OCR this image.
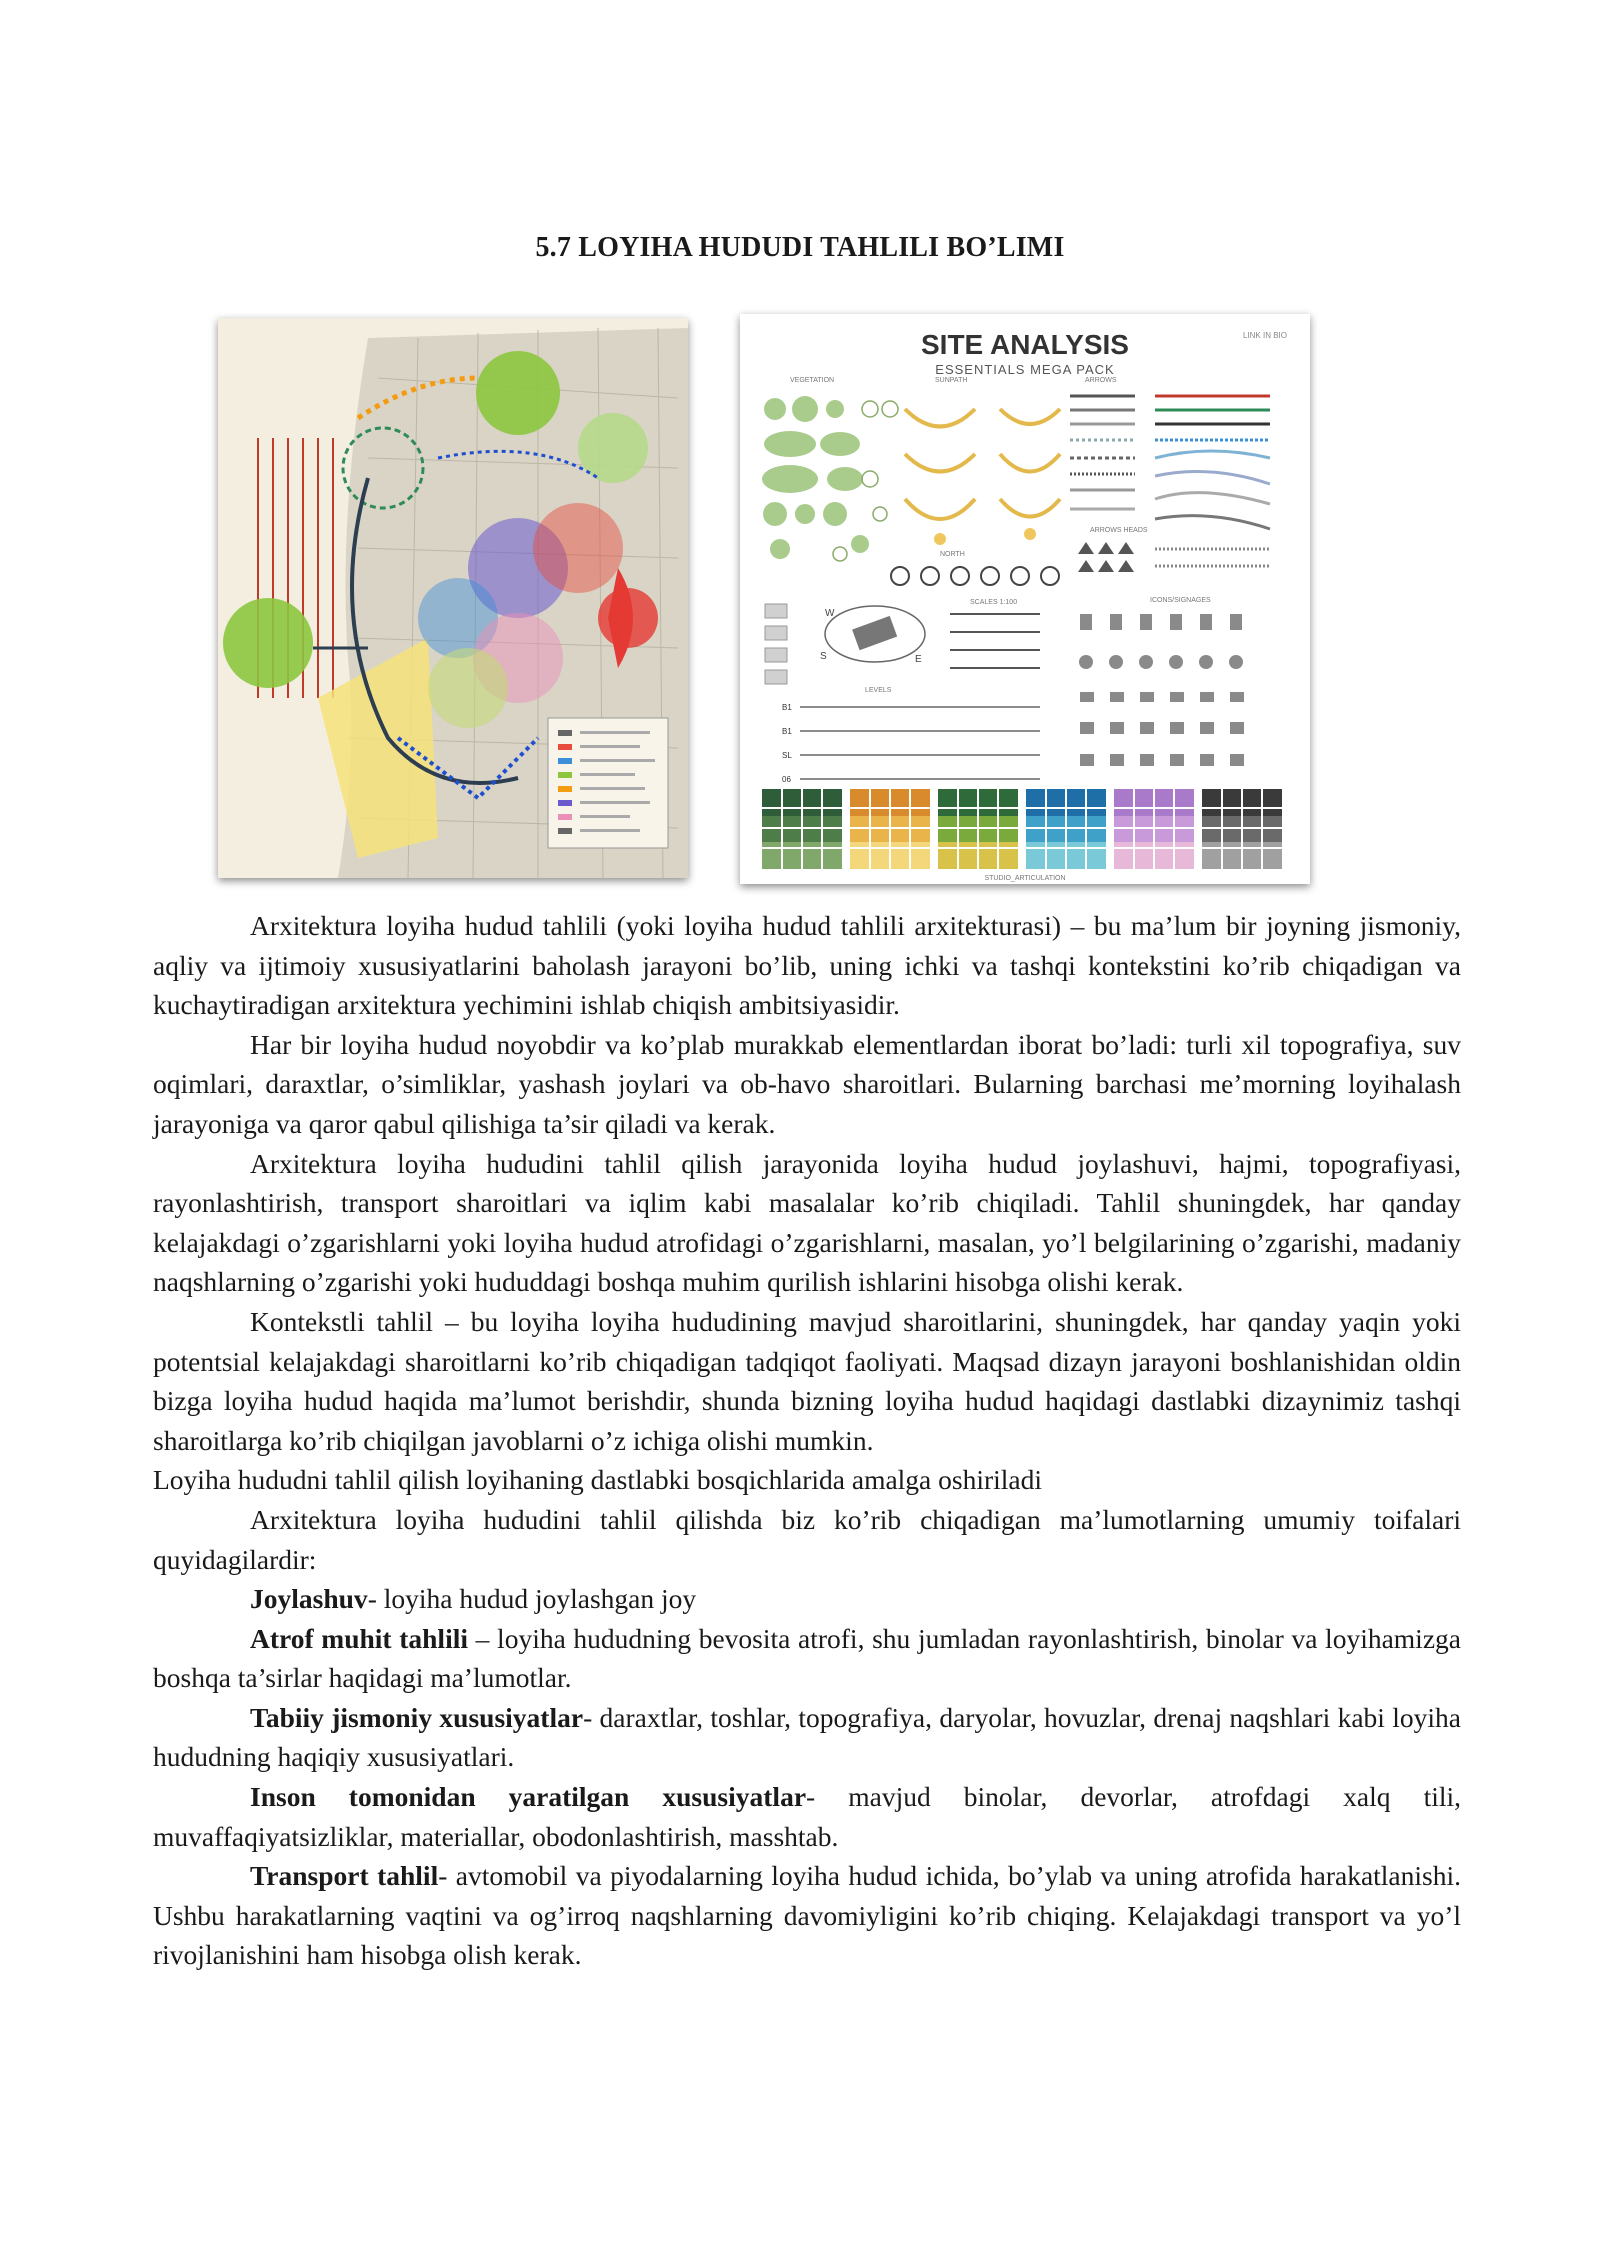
5.7 LOYIHA HUDUDI TAHLILI BO’LIMI
SITE ANALYSIS
ESSENTIALS MEGA PACK
LINK IN BIO
VEGETATION	SUNPATH	ARROWS
ARROWS HEADS
NORTH
W
S	E
SCALES 1:100
LEVELS
B1
B1
SL
06
ICONS/SIGNAGES
STUDIO_ARTICULATION

Arxitektura loyiha hudud tahlili (yoki loyiha hudud tahlili arxitekturasi) – bu ma’lum bir joyning jismoniy, aqliy va ijtimoiy xususiyatlarini baholash jarayoni bo’lib, uning ichki va tashqi kontekstini ko’rib chiqadigan va kuchaytiradigan arxitektura yechimini ishlab chiqish ambitsiyasidir.

Har bir loyiha hudud noyobdir va ko’plab murakkab elementlardan iborat bo’ladi: turli xil topografiya, suv oqimlari, daraxtlar, o’simliklar, yashash joylari va ob-havo sharoitlari. Bularning barchasi me’morning loyihalash jarayoniga va qaror qabul qilishiga ta’sir qiladi va kerak.

Arxitektura loyiha hududini tahlil qilish jarayonida loyiha hudud joylashuvi, hajmi, topografiyasi, rayonlashtirish, transport sharoitlari va iqlim kabi masalalar ko’rib chiqiladi. Tahlil shuningdek, har qanday kelajakdagi o’zgarishlarni yoki loyiha hudud atrofidagi o’zgarishlarni, masalan, yo’l belgilarining o’zgarishi, madaniy naqshlarning o’zgarishi yoki hududdagi boshqa muhim qurilish ishlarini hisobga olishi kerak.

Kontekstli tahlil – bu loyiha loyiha hududining mavjud sharoitlarini, shuningdek, har qanday yaqin yoki potentsial kelajakdagi sharoitlarni ko’rib chiqadigan tadqiqot faoliyati. Maqsad dizayn jarayoni boshlanishidan oldin bizga loyiha hudud haqida ma’lumot berishdir, shunda bizning loyiha hudud haqidagi dastlabki dizaynimiz tashqi sharoitlarga ko’rib chiqilgan javoblarni o’z ichiga olishi mumkin.

Loyiha hududni tahlil qilish loyihaning dastlabki bosqichlarida amalga oshiriladi

Arxitektura loyiha hududini tahlil qilishda biz ko’rib chiqadigan ma’lumotlarning umumiy toifalari quyidagilardir:

Joylashuv- loyiha hudud joylashgan joy

Atrof muhit tahlili – loyiha hududning bevosita atrofi, shu jumladan rayonlashtirish, binolar va loyihamizga boshqa ta’sirlar haqidagi ma’lumotlar.

Tabiiy jismoniy xususiyatlar- daraxtlar, toshlar, topografiya, daryolar, hovuzlar, drenaj naqshlari kabi loyiha hududning haqiqiy xususiyatlari.

Inson tomonidan yaratilgan xususiyatlar- mavjud binolar, devorlar, atrofdagi xalq tili, muvaffaqiyatsizliklar, materiallar, obodonlashtirish, masshtab.

Transport tahlil- avtomobil va piyodalarning loyiha hudud ichida, bo’ylab va uning atrofida harakatlanishi. Ushbu harakatlarning vaqtini va og’irroq naqshlarning davomiyligini ko’rib chiqing. Kelajakdagi transport va yo’l rivojlanishini ham hisobga olish kerak.
